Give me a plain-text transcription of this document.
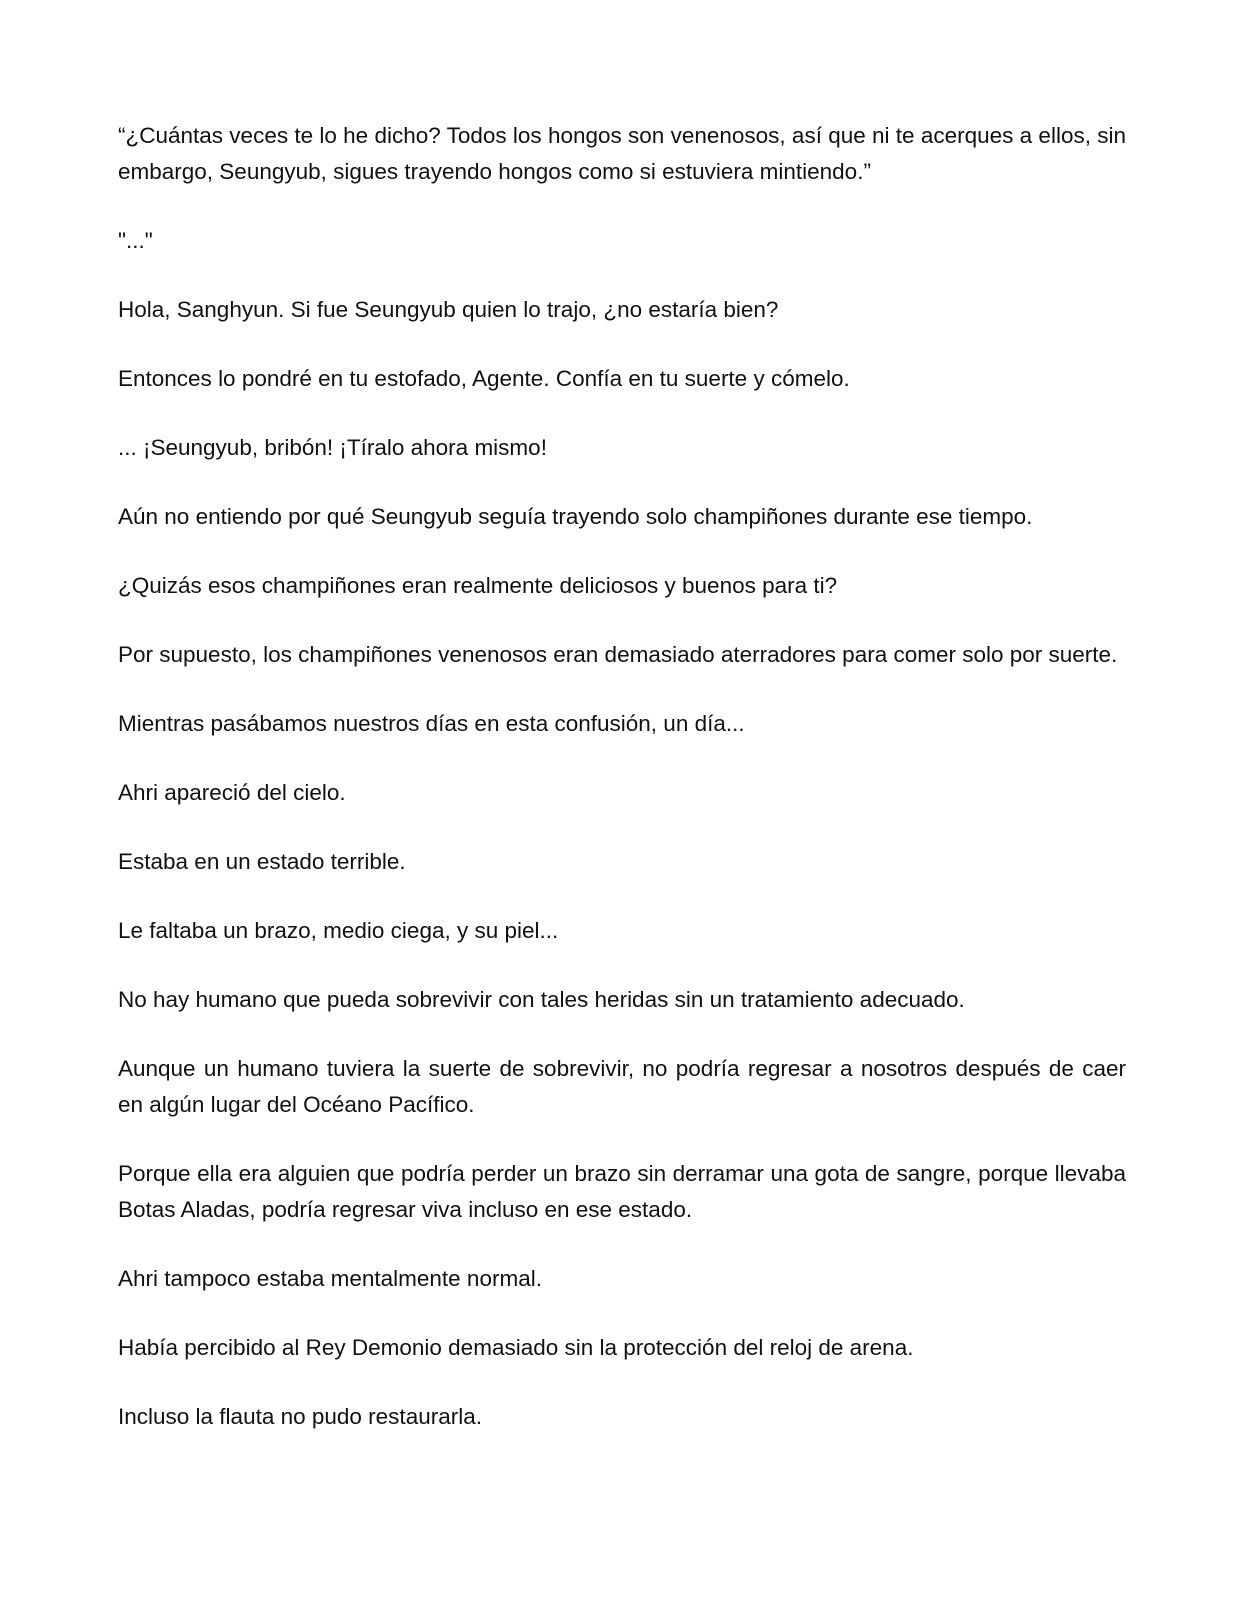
“¿Cuántas veces te lo he dicho? Todos los hongos son venenosos, así que ni te acerques a ellos, sin embargo, Seungyub, sigues trayendo hongos como si estuviera mintiendo.”

"..."

Hola, Sanghyun. Si fue Seungyub quien lo trajo, ¿no estaría bien?

Entonces lo pondré en tu estofado, Agente. Confía en tu suerte y cómelo.

... ¡Seungyub, bribón! ¡Tíralo ahora mismo!

Aún no entiendo por qué Seungyub seguía trayendo solo champiñones durante ese tiempo.

¿Quizás esos champiñones eran realmente deliciosos y buenos para ti?

Por supuesto, los champiñones venenosos eran demasiado aterradores para comer solo por suerte.

Mientras pasábamos nuestros días en esta confusión, un día...

Ahri apareció del cielo.

Estaba en un estado terrible.

Le faltaba un brazo, medio ciega, y su piel...

No hay humano que pueda sobrevivir con tales heridas sin un tratamiento adecuado.

Aunque un humano tuviera la suerte de sobrevivir, no podría regresar a nosotros después de caer en algún lugar del Océano Pacífico.

Porque ella era alguien que podría perder un brazo sin derramar una gota de sangre, porque llevaba Botas Aladas, podría regresar viva incluso en ese estado.

Ahri tampoco estaba mentalmente normal.

Había percibido al Rey Demonio demasiado sin la protección del reloj de arena.

Incluso la flauta no pudo restaurarla.
